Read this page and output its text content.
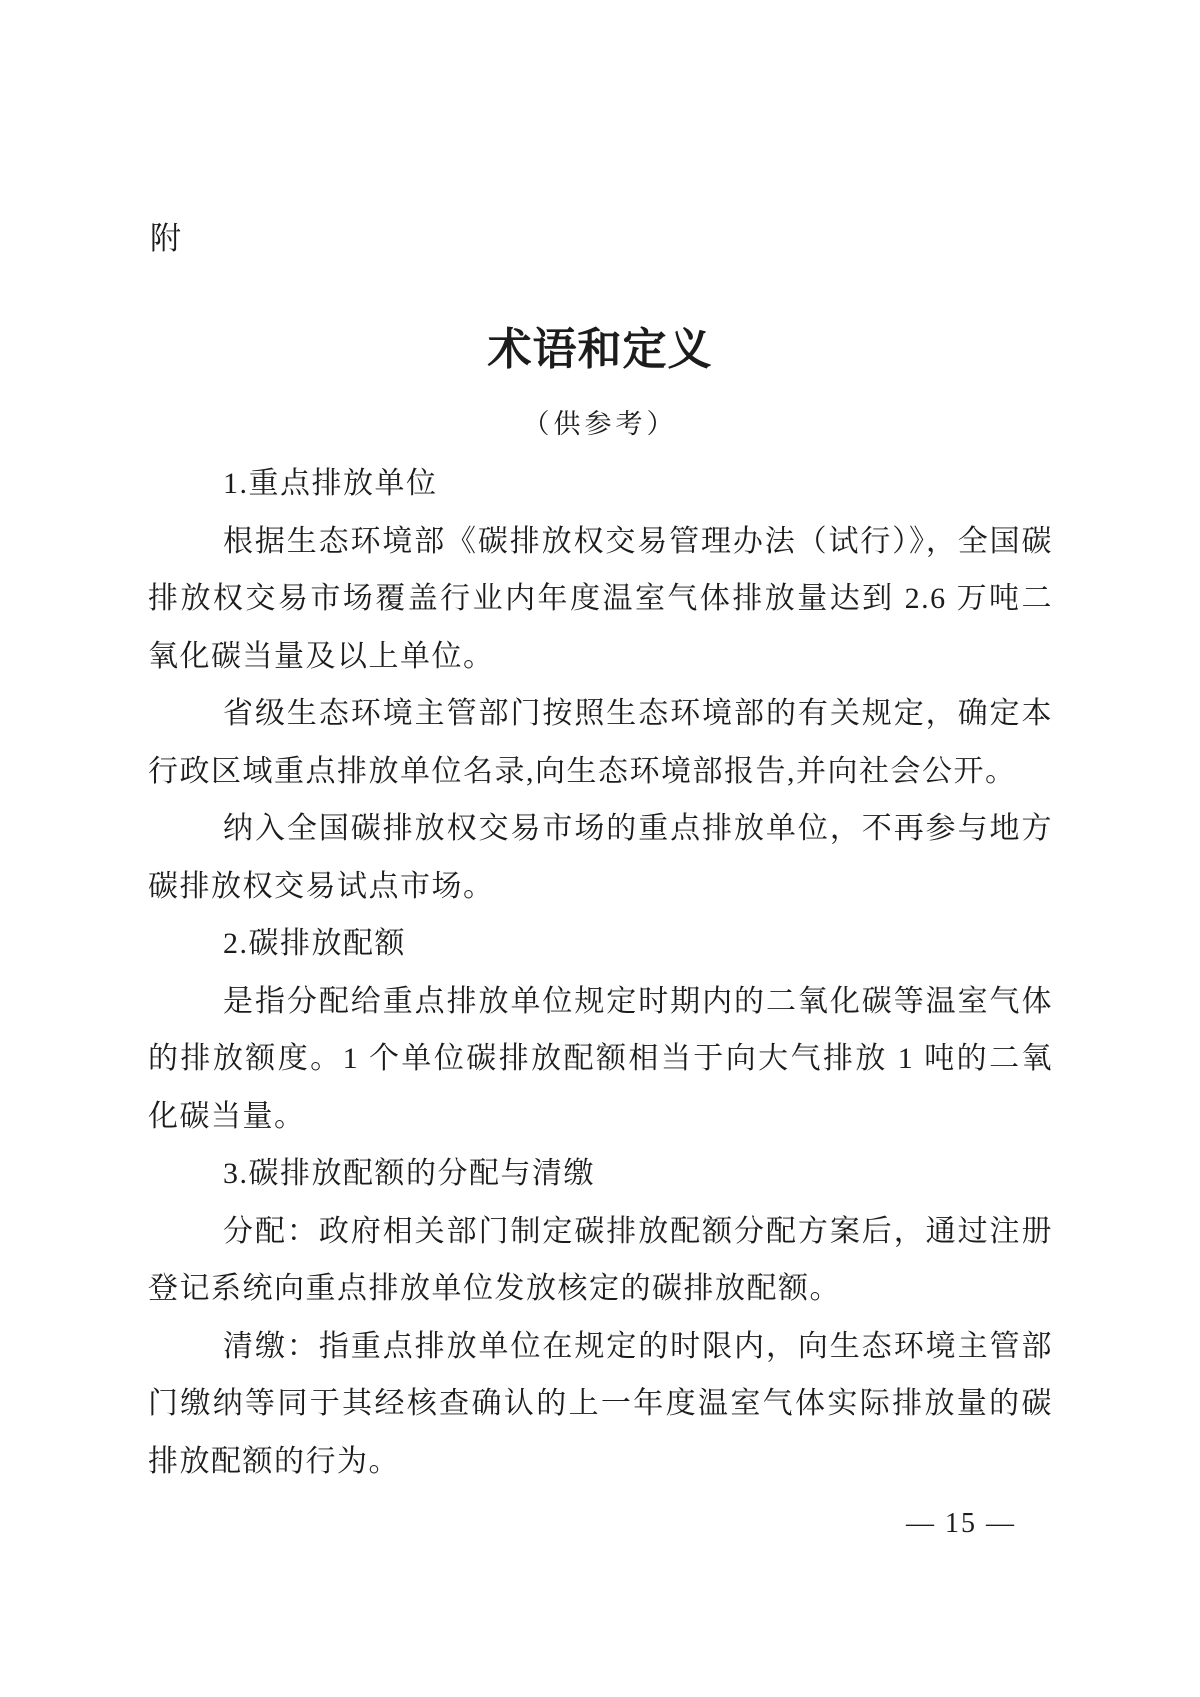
附
术语和定义
（供参考）

1.重点排放单位

根据生态环境部《碳排放权交易管理办法（试行）》，全国碳排放权交易市场覆盖行业内年度温室气体排放量达到 2.6 万吨二氧化碳当量及以上单位。

省级生态环境主管部门按照生态环境部的有关规定，确定本行政区域重点排放单位名录,向生态环境部报告,并向社会公开。

纳入全国碳排放权交易市场的重点排放单位，不再参与地方碳排放权交易试点市场。

2.碳排放配额

是指分配给重点排放单位规定时期内的二氧化碳等温室气体的排放额度。1 个单位碳排放配额相当于向大气排放 1 吨的二氧化碳当量。

3.碳排放配额的分配与清缴

分配：政府相关部门制定碳排放配额分配方案后，通过注册登记系统向重点排放单位发放核定的碳排放配额。

清缴：指重点排放单位在规定的时限内，向生态环境主管部门缴纳等同于其经核查确认的上一年度温室气体实际排放量的碳排放配额的行为。

— 15 —
